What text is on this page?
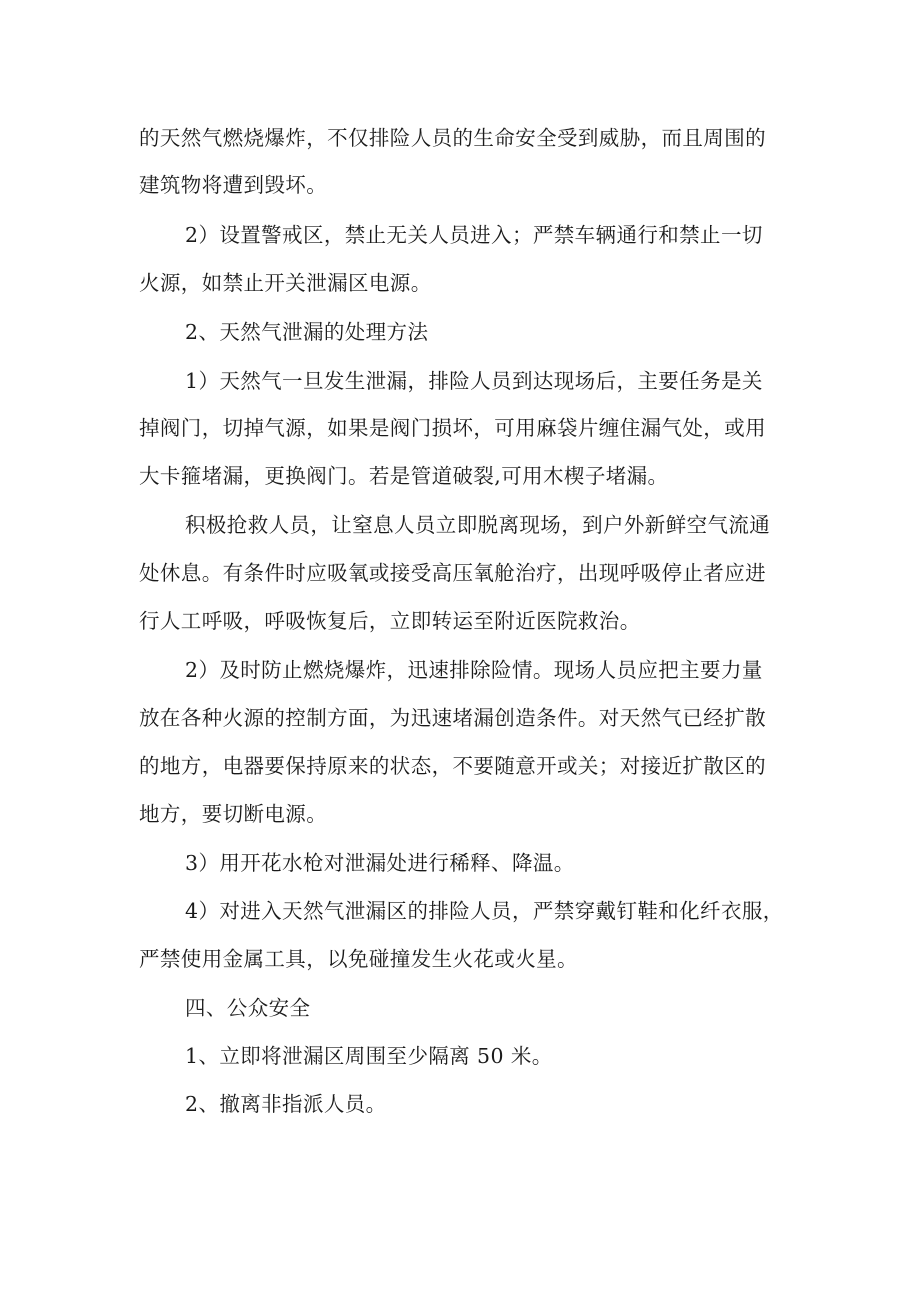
的天然气燃烧爆炸，不仅排险人员的生命安全受到威胁，而且周围的
建筑物将遭到毁坏。
2）设置警戒区，禁止无关人员进入；严禁车辆通行和禁止一切
火源，如禁止开关泄漏区电源。
2、天然气泄漏的处理方法
1）天然气一旦发生泄漏，排险人员到达现场后，主要任务是关
掉阀门，切掉气源，如果是阀门损坏，可用麻袋片缠住漏气处，或用
大卡箍堵漏，更换阀门。若是管道破裂,可用木楔子堵漏。
积极抢救人员，让窒息人员立即脱离现场，到户外新鲜空气流通
处休息。有条件时应吸氧或接受高压氧舱治疗，出现呼吸停止者应进
行人工呼吸，呼吸恢复后，立即转运至附近医院救治。
2）及时防止燃烧爆炸，迅速排除险情。现场人员应把主要力量
放在各种火源的控制方面，为迅速堵漏创造条件。对天然气已经扩散
的地方，电器要保持原来的状态，不要随意开或关；对接近扩散区的
地方，要切断电源。
3）用开花水枪对泄漏处进行稀释、降温。
4）对进入天然气泄漏区的排险人员，严禁穿戴钉鞋和化纤衣服，
严禁使用金属工具，以免碰撞发生火花或火星。
四、公众安全
1、立即将泄漏区周围至少隔离 50 米。
2、撤离非指派人员。
